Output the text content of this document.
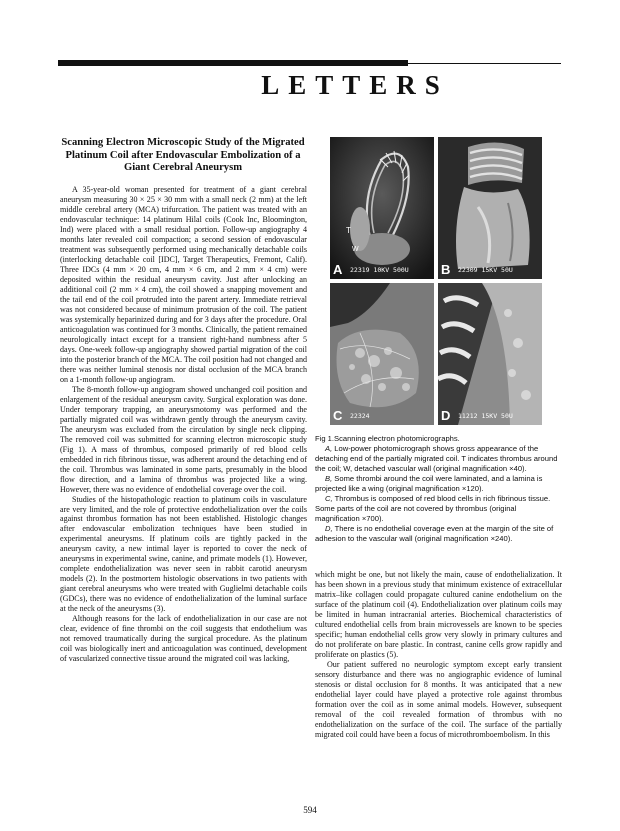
LETTERS
Scanning Electron Microscopic Study of the Migrated Platinum Coil after Endovascular Embolization of a Giant Cerebral Aneurysm

A 35-year-old woman presented for treatment of a giant cerebral aneurysm measuring 30 × 25 × 30 mm with a small neck (2 mm) at the left middle cerebral artery (MCA) trifurcation. The patient was treated with an endovascular technique: 14 platinum Hilal coils (Cook Inc, Bloomington, Ind) were placed with a small residual portion. Follow-up angiography 4 months later revealed coil compaction; a second session of endovascular treatment was subsequently performed using mechanically detachable coils (interlocking detachable coil [IDC], Target Therapeutics, Fremont, Calif). Three IDCs (4 mm × 20 cm, 4 mm × 6 cm, and 2 mm × 4 cm) were deposited within the residual aneurysm cavity. Just after unlocking an additional coil (2 mm × 4 cm), the coil showed a snapping movement and the tail end of the coil protruded into the parent artery. Immediate retrieval was not considered because of minimum protrusion of the coil. The patient was systemically heparinized during and for 3 days after the procedure. Oral anticoagulation was continued for 3 months. Clinically, the patient remained neurologically intact except for a transient right-hand numbness after 5 days. One-week follow-up angiography showed partial migration of the coil into the posterior branch of the MCA. The coil position had not changed and there was neither luminal stenosis nor distal occlusion of the MCA branch on a 1-month follow-up angiogram.

The 8-month follow-up angiogram showed unchanged coil position and enlargement of the residual aneurysm cavity. Surgical exploration was done. Under temporary trapping, an aneurysmotomy was performed and the partially migrated coil was withdrawn gently through the aneurysm cavity. The aneurysm was excluded from the circulation by single neck clipping. The removed coil was submitted for scanning electron microscopic study (Fig 1). A mass of thrombus, composed primarily of red blood cells embedded in rich fibrinous tissue, was adherent around the detaching end of the coil. Thrombus was laminated in some parts, presumably in the blood flow direction, and a lamina of thrombus was projected like a wing. However, there was no evidence of endothelial coverage over the coil.

Studies of the histopathologic reaction to platinum coils in vasculature are very limited, and the role of protective endothelialization over the coils against thrombus formation has not been established. Histologic changes after endovascular embolization techniques have been studied in experimental aneurysms. If platinum coils are tightly packed in the aneurysm cavity, a new intimal layer is reported to cover the neck of aneurysms in experimental swine, canine, and primate models (1). However, complete endothelialization was never seen in rabbit carotid aneurysm models (2). In the postmortem histologic observations in two patients with giant cerebral aneurysms who were treated with Guglielmi detachable coils (GDCs), there was no evidence of endothelialization of the luminal surface at the neck of the aneurysms (3).

Although reasons for the lack of endothelialization in our case are not clear, evidence of fine thrombi on the coil suggests that endothelium was not removed traumatically during the surgical procedure. As the platinum coil was biologically inert and anticoagulation was continued, development of vascularized connective tissue around the migrated coil was lacking,

T
W
A 22319 10KV 500U B 22309 15KV 50U
C 22324	D 11212 15KV 50U

Fig 1.Scanning electron photomicrographs.

A, Low-power photomicrograph shows gross appearance of the detaching end of the partially migrated coil. T indicates thrombus around the coil; W, detached vascular wall (original magnification ×40).

B, Some thrombi around the coil were laminated, and a lamina is projected like a wing (original magnification ×120).

C, Thrombus is composed of red blood cells in rich fibrinous tissue. Some parts of the coil are not covered by thrombus (original magnification ×700).

D, There is no endothelial coverage even at the margin of the site of adhesion to the vascular wall (original magnification ×240).

which might be one, but not likely the main, cause of endothelialization. It has been shown in a previous study that minimum existence of extracellular matrix–like collagen could propagate cultured canine endothelium on the surface of the platinum coil (4). Endothelialization over platinum coils may be limited in human intracranial arteries. Biochemical characteristics of cultured endothelial cells from brain microvessels are known to be species specific; human endothelial cells grow very slowly in primary cultures and do not proliferate on bare plastic. In contrast, canine cells grow rapidly and proliferate on plastics (5).

Our patient suffered no neurologic symptom except early transient sensory disturbance and there was no angiographic evidence of luminal stenosis or distal occlusion for 8 months. It was anticipated that a new endothelial layer could have played a protective role against thrombus formation over the coil as in some animal models. However, subsequent removal of the coil revealed formation of thrombus with no endothelialization on the surface of the coil. The surface of the partially migrated coil could have been a focus of microthromboembolism. In this

594
